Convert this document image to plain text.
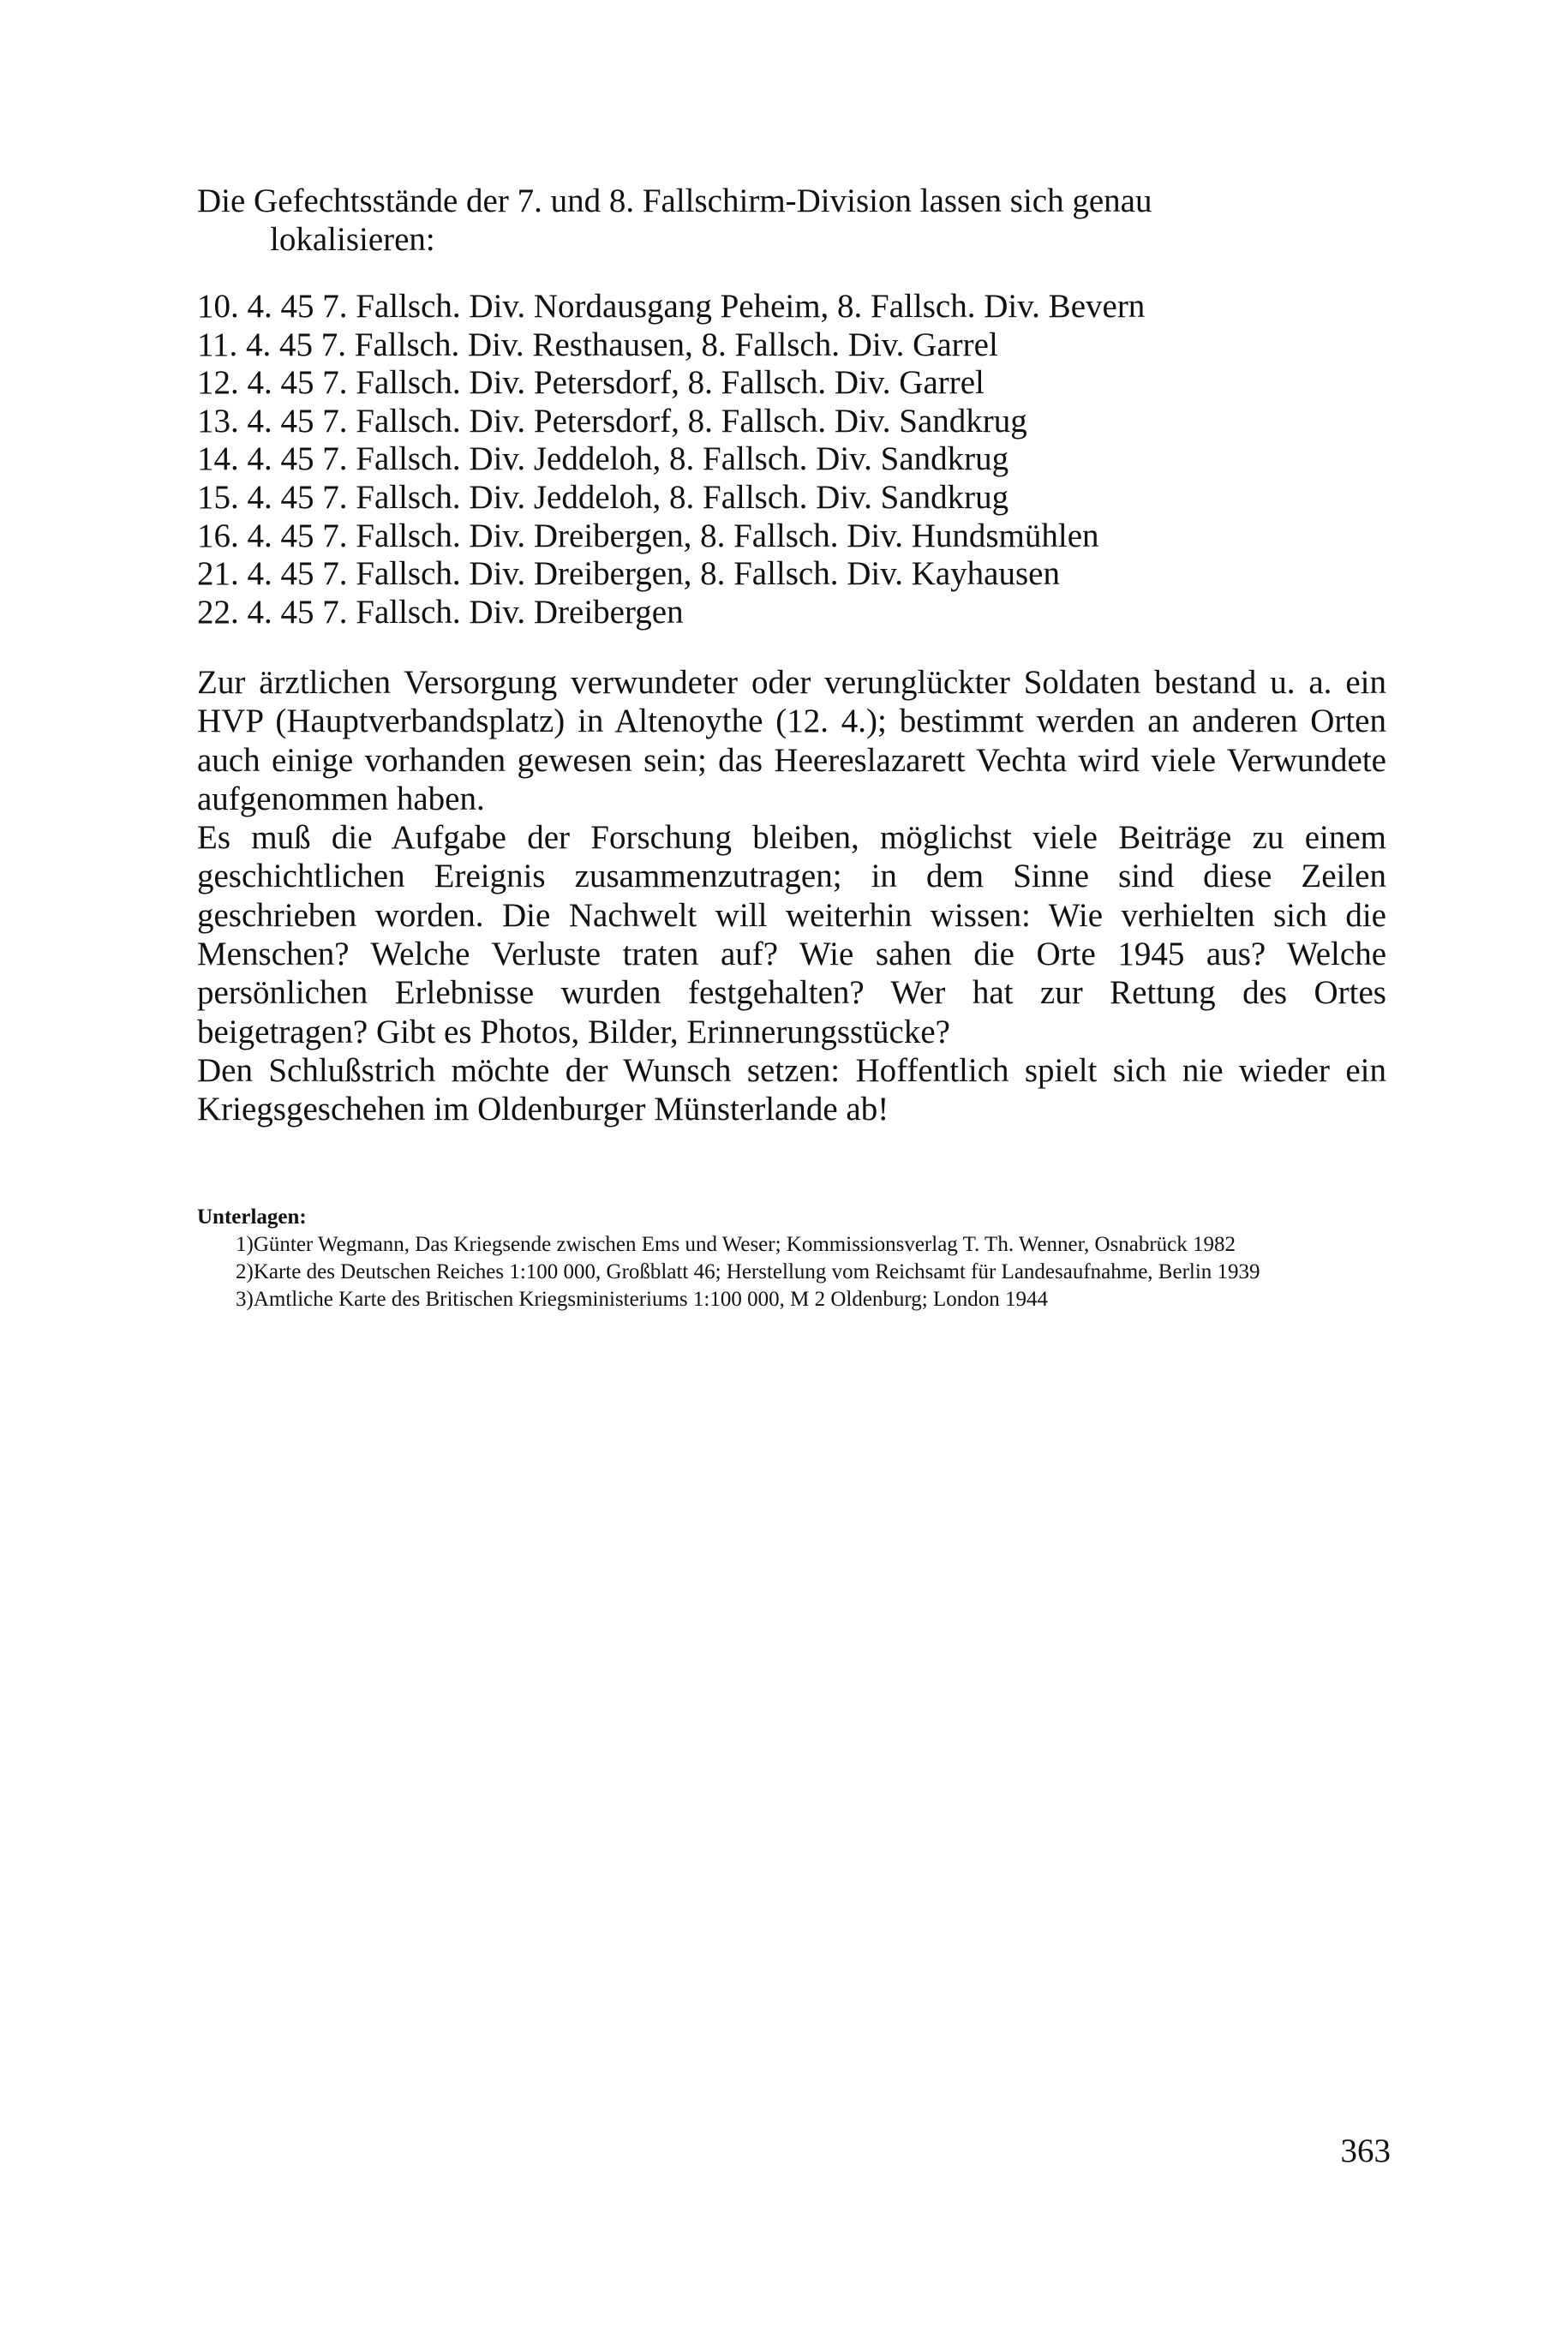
Die Gefechtsstände der 7. und 8. Fallschirm-Division lassen sich genau
lokalisieren:
10. 4. 45 7. Fallsch. Div. Nordausgang Peheim, 8. Fallsch. Div. Bevern
11. 4. 45 7. Fallsch. Div. Resthausen, 8. Fallsch. Div. Garrel
12. 4. 45 7. Fallsch. Div. Petersdorf, 8. Fallsch. Div. Garrel
13. 4. 45 7. Fallsch. Div. Petersdorf, 8. Fallsch. Div. Sandkrug
14. 4. 45 7. Fallsch. Div. Jeddeloh, 8. Fallsch. Div. Sandkrug
15. 4. 45 7. Fallsch. Div. Jeddeloh, 8. Fallsch. Div. Sandkrug
16. 4. 45 7. Fallsch. Div. Dreibergen, 8. Fallsch. Div. Hundsmühlen
21. 4. 45 7. Fallsch. Div. Dreibergen, 8. Fallsch. Div. Kayhausen
22. 4. 45 7. Fallsch. Div. Dreibergen

Zur ärztlichen Versorgung verwundeter oder verunglückter Soldaten bestand u. a. ein HVP (Hauptverbandsplatz) in Altenoythe (12. 4.); bestimmt werden an anderen Orten auch einige vorhanden gewesen sein; das Heereslazarett Vechta wird viele Verwundete aufgenommen haben.

Es muß die Aufgabe der Forschung bleiben, möglichst viele Beiträge zu einem geschichtlichen Ereignis zusammenzutragen; in dem Sinne sind diese Zeilen geschrieben worden. Die Nachwelt will weiterhin wissen: Wie verhielten sich die Menschen? Welche Verluste traten auf? Wie sahen die Orte 1945 aus? Welche persönlichen Erlebnisse wurden festgehalten? Wer hat zur Rettung des Ortes beigetragen? Gibt es Photos, Bilder, Erinnerungsstücke?

Den Schlußstrich möchte der Wunsch setzen: Hoffentlich spielt sich nie wieder ein Kriegsgeschehen im Oldenburger Münsterlande ab!

Unterlagen:
1)Günter Wegmann, Das Kriegsende zwischen Ems und Weser; Kommissionsverlag T. Th. Wenner, Osnabrück 1982
2)Karte des Deutschen Reiches 1:100 000, Großblatt 46; Herstellung vom Reichsamt für Landesaufnahme, Berlin 1939
3)Amtliche Karte des Britischen Kriegsministeriums 1:100 000, M 2 Oldenburg; London 1944
363
